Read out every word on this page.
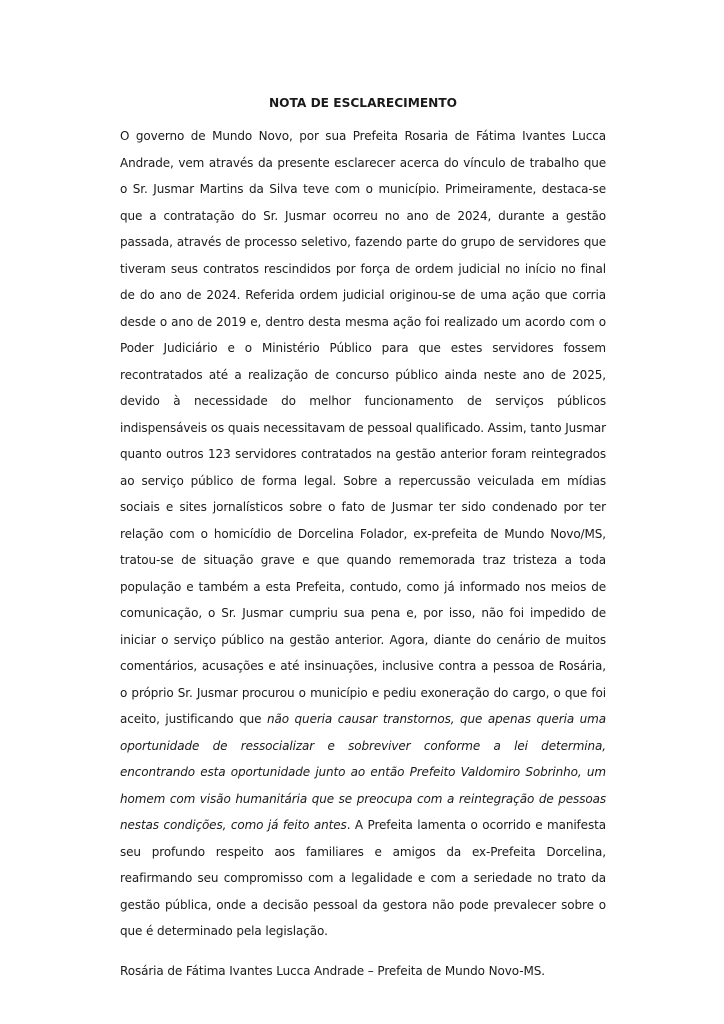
NOTA DE ESCLARECIMENTO

O governo de Mundo Novo, por sua Prefeita Rosaria de Fátima Ivantes Lucca Andrade, vem através da presente esclarecer acerca do vínculo de trabalho que o Sr. Jusmar Martins da Silva teve com o município. Primeiramente, destaca-se que a contratação do Sr. Jusmar ocorreu no ano de 2024, durante a gestão passada, através de processo seletivo, fazendo parte do grupo de servidores que tiveram seus contratos rescindidos por força de ordem judicial no início no final de do ano de 2024. Referida ordem judicial originou-se de uma ação que corria desde o ano de 2019 e, dentro desta mesma ação foi realizado um acordo com o Poder Judiciário e o Ministério Público para que estes servidores fossem recontratados até a realização de concurso público ainda neste ano de 2025, devido à necessidade do melhor funcionamento de serviços públicos indispensáveis os quais necessitavam de pessoal qualificado. Assim, tanto Jusmar quanto outros 123 servidores contratados na gestão anterior foram reintegrados ao serviço público de forma legal. Sobre a repercussão veiculada em mídias sociais e sites jornalísticos sobre o fato de Jusmar ter sido condenado por ter relação com o homicídio de Dorcelina Folador, ex-prefeita de Mundo Novo/MS, tratou-se de situação grave e que quando rememorada traz tristeza a toda população e também a esta Prefeita, contudo, como já informado nos meios de comunicação, o Sr. Jusmar cumpriu sua pena e, por isso, não foi impedido de iniciar o serviço público na gestão anterior. Agora, diante do cenário de muitos comentários, acusações e até insinuações, inclusive contra a pessoa de Rosária, o próprio Sr. Jusmar procurou o município e pediu exoneração do cargo, o que foi aceito, justificando que não queria causar transtornos, que apenas queria uma oportunidade de ressocializar e sobreviver conforme a lei determina, encontrando esta oportunidade junto ao então Prefeito Valdomiro Sobrinho, um homem com visão humanitária que se preocupa com a reintegração de pessoas nestas condições, como já feito antes. A Prefeita lamenta o ocorrido e manifesta seu profundo respeito aos familiares e amigos da ex-Prefeita Dorcelina, reafirmando seu compromisso com a legalidade e com a seriedade no trato da gestão pública, onde a decisão pessoal da gestora não pode prevalecer sobre o que é determinado pela legislação.

Rosária de Fátima Ivantes Lucca Andrade – Prefeita de Mundo Novo-MS.
